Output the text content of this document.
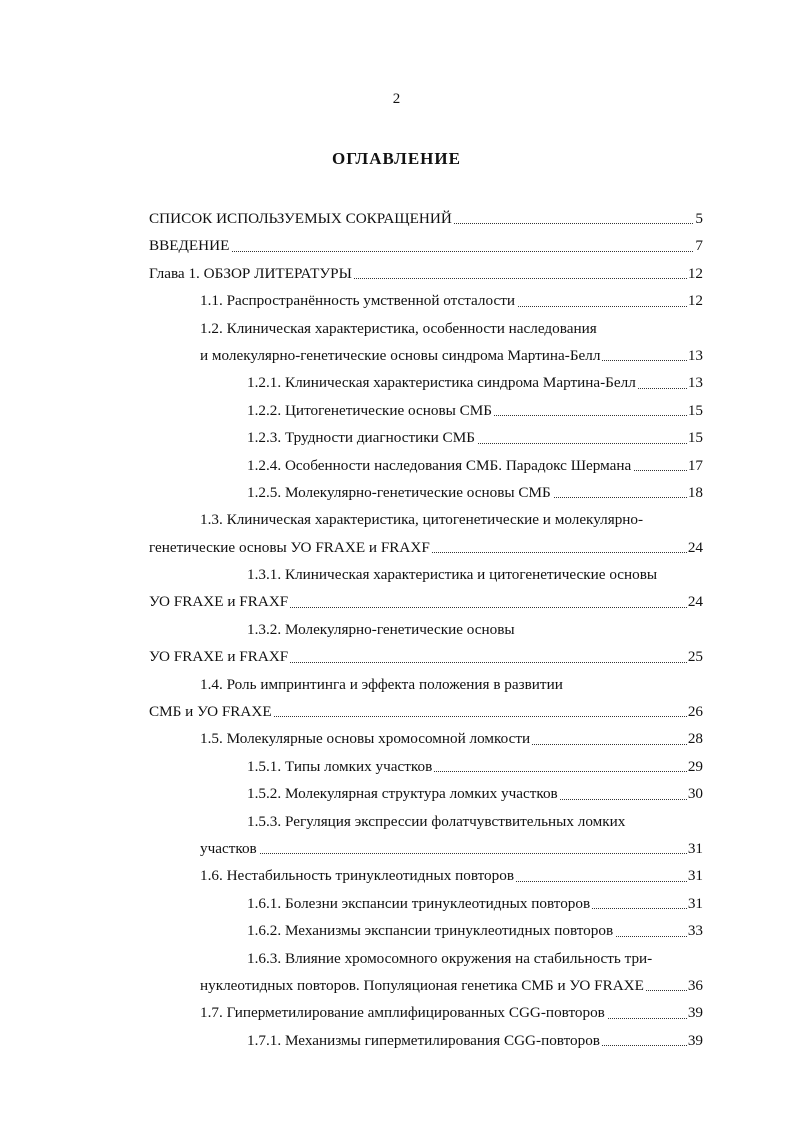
2
ОГЛАВЛЕНИЕ
СПИСОК ИСПОЛЬЗУЕМЫХ СОКРАЩЕНИЙ	5
ВВЕДЕНИЕ	7
Глава 1. ОБЗОР ЛИТЕРАТУРЫ	12
1.1. Распространённость умственной отсталости	12
1.2. Клиническая характеристика, особенности наследования
и молекулярно-генетические основы синдрома Мартина-Белл	13
1.2.1. Клиническая характеристика синдрома Мартина-Белл	13
1.2.2. Цитогенетические основы СМБ	15
1.2.3. Трудности диагностики СМБ	15
1.2.4. Особенности наследования СМБ. Парадокс Шермана	17
1.2.5. Молекулярно-генетические основы СМБ	18
1.3. Клиническая характеристика, цитогенетические и молекулярно-
генетические основы УО FRAXE и FRAXF	24
1.3.1. Клиническая характеристика и цитогенетические основы
УО FRAXE и FRAXF	24
1.3.2. Молекулярно-генетические основы
УО FRAXE и FRAXF	25
1.4. Роль импринтинга и эффекта положения в развитии
СМБ и УО FRAXE	26
1.5. Молекулярные основы хромосомной ломкости	28
1.5.1. Типы ломких участков	29
1.5.2. Молекулярная структура ломких участков	30
1.5.3. Регуляция экспрессии фолатчувствительных ломких
участков	31
1.6. Нестабильность тринуклеотидных повторов	31
1.6.1. Болезни экспансии тринуклеотидных повторов	31
1.6.2. Механизмы экспансии тринуклеотидных повторов	33
1.6.3. Влияние хромосомного окружения на стабильность три-
нуклеотидных повторов. Популяционая генетика СМБ и УО FRAXE	36
1.7. Гиперметилирование амплифицированных CGG-повторов	39
1.7.1. Механизмы гиперметилирования CGG-повторов	39
